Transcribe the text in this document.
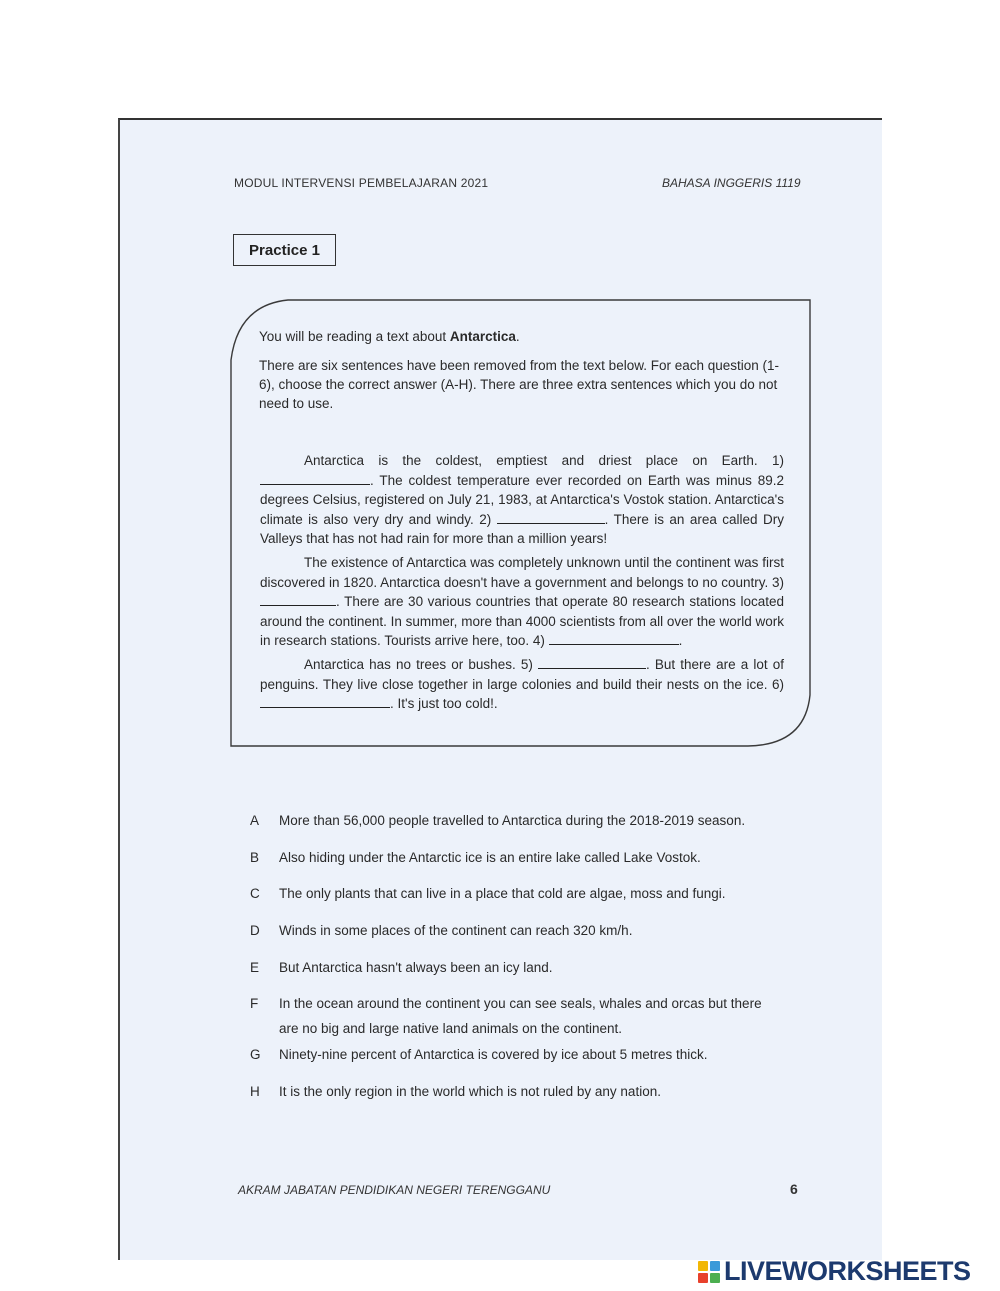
MODUL INTERVENSI PEMBELAJARAN 2021	BAHASA INGGERIS 1119
Practice 1
You will be reading a text about Antarctica.
There are six sentences have been removed from the text below. For each question (1-
6), choose the correct answer (A-H). There are three extra sentences which you do not
need to use.

Antarctica is the coldest, emptiest and driest place on Earth. 1) . The coldest temperature ever recorded on Earth was minus 89.2 degrees Celsius, registered on July 21, 1983, at Antarctica's Vostok station. Antarctica's climate is also very dry and windy. 2)	. There is an area called Dry Valleys that has not had rain for more than a million years!

The existence of Antarctica was completely unknown until the continent was first discovered in 1820. Antarctica doesn't have a government and belongs to no country. 3) . There are 30 various countries that operate 80 research stations located around the continent. In summer, more than 4000 scientists from all over the world work in research stations. Tourists arrive here, too. 4)	.

Antarctica has no trees or bushes. 5)	. But there are a lot of penguins. They live close together in large colonies and build their nests on the ice. 6) . It's just too cold!.

A More than 56,000 people travelled to Antarctica during the 2018-2019 season.
B Also hiding under the Antarctic ice is an entire lake called Lake Vostok.
C The only plants that can live in a place that cold are algae, moss and fungi.
D Winds in some places of the continent can reach 320 km/h.
E But Antarctica hasn't always been an icy land.
F In the ocean around the continent you can see seals, whales and orcas but there
are no big and large native land animals on the continent.
G Ninety-nine percent of Antarctica is covered by ice about 5 metres thick.
H It is the only region in the world which is not ruled by any nation.
AKRAM JABATAN PENDIDIKAN NEGERI TERENGGANU	6
LIVEWORKSHEETS
